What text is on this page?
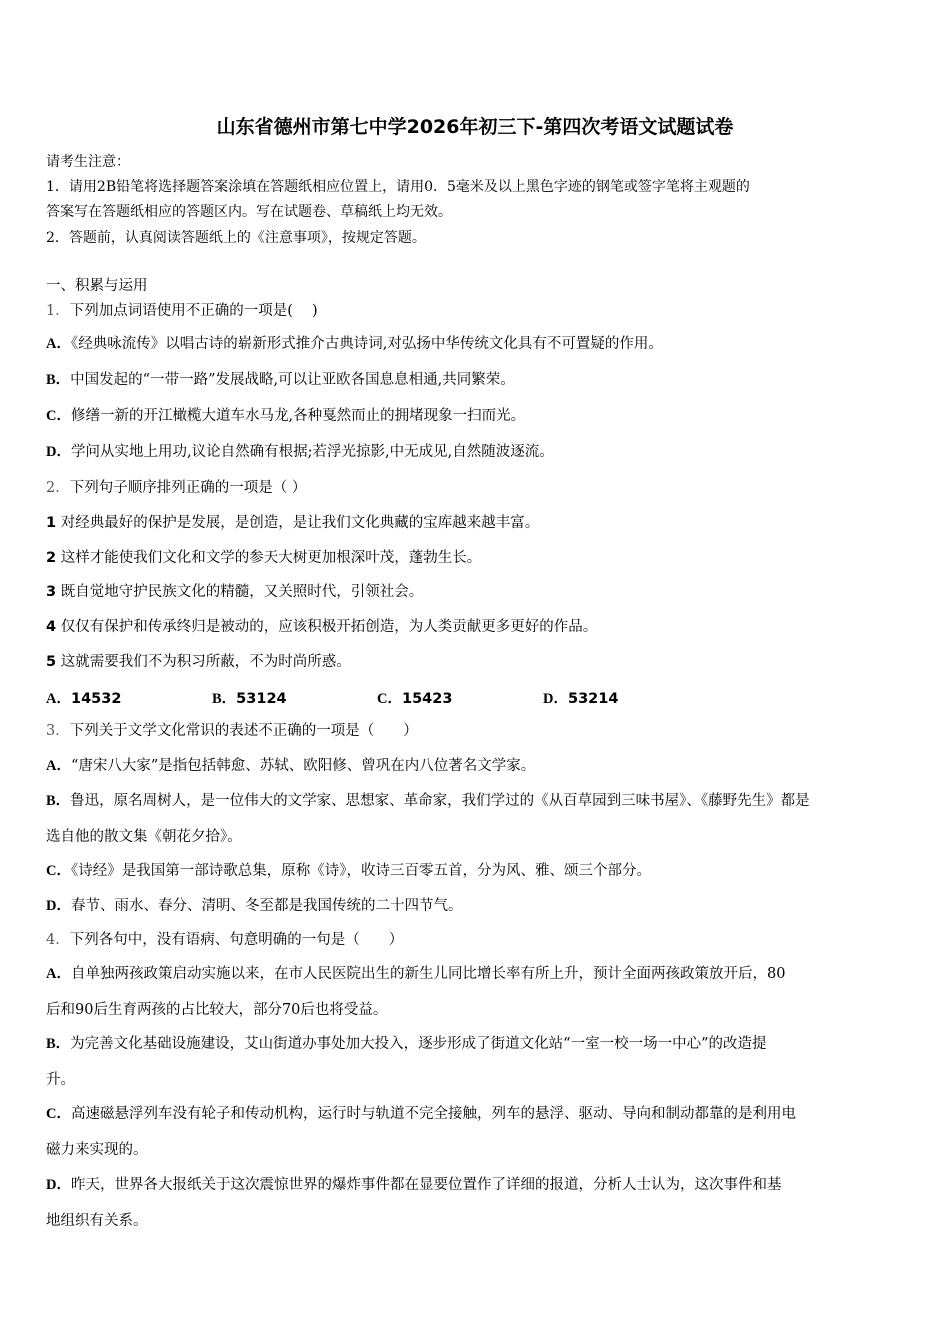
山东省德州市第七中学2026年初三下-第四次考语文试题试卷
请考生注意：
1．请用2B铅笔将选择题答案涂填在答题纸相应位置上，请用0．5毫米及以上黑色字迹的钢笔或签字笔将主观题的
答案写在答题纸相应的答题区内。写在试题卷、草稿纸上均无效。
2．答题前，认真阅读答题纸上的《注意事项》，按规定答题。
一、积累与运用
1．下列加点词语使用不正确的一项是(　 )
A．《经典咏流传》以唱古诗的崭新形式推介古典诗词,对弘扬中华传统文化具有不可置疑的作用。
B．中国发起的“一带一路”发展战略,可以让亚欧各国息息相通,共同繁荣。
C．修缮一新的开江橄榄大道车水马龙,各种戛然而止的拥堵现象一扫而光。
D．学问从实地上用功,议论自然确有根据;若浮光掠影,中无成见,自然随波逐流。
2．下列句子顺序排列正确的一项是（ ）
1 对经典最好的保护是发展，是创造，是让我们文化典藏的宝库越来越丰富。
2 这样才能使我们文化和文学的参天大树更加根深叶茂，蓬勃生长。
3 既自觉地守护民族文化的精髓，又关照时代，引领社会。
4 仅仅有保护和传承终归是被动的，应该积极开拓创造，为人类贡献更多更好的作品。
5 这就需要我们不为积习所蔽，不为时尚所惑。
A．14532	B．53124	C．15423	D．53214
3．下列关于文学文化常识的表述不正确的一项是（　　）
A．“唐宋八大家”是指包括韩愈、苏轼、欧阳修、曾巩在内八位著名文学家。
B．鲁迅，原名周树人，是一位伟大的文学家、思想家、革命家，我们学过的《从百草园到三味书屋》、《藤野先生》都是
选自他的散文集《朝花夕拾》。
C．《诗经》是我国第一部诗歌总集，原称《诗》，收诗三百零五首，分为风、雅、颂三个部分。
D．春节、雨水、春分、清明、冬至都是我国传统的二十四节气。
4．下列各句中，没有语病、句意明确的一句是（　　）
A．自单独两孩政策启动实施以来，在市人民医院出生的新生儿同比增长率有所上升，预计全面两孩政策放开后，80
后和90后生育两孩的占比较大，部分70后也将受益。
B．为完善文化基础设施建设，艾山街道办事处加大投入，逐步形成了街道文化站“一室一校一场一中心”的改造提
升。
C．高速磁悬浮列车没有轮子和传动机构，运行时与轨道不完全接触，列车的悬浮、驱动、导向和制动都靠的是利用电
磁力来实现的。
D．昨天，世界各大报纸关于这次震惊世界的爆炸事件都在显要位置作了详细的报道，分析人士认为，这次事件和基
地组织有关系。
